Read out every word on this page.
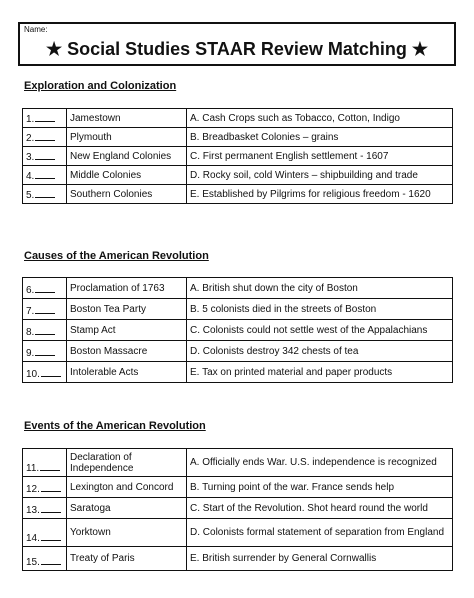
Name:
★ Social Studies STAAR Review Matching ★
Exploration and Colonization
1.	Jamestown	A. Cash Crops such as Tobacco, Cotton, Indigo
2.	Plymouth	B. Breadbasket Colonies – grains
3.	New England Colonies	C. First permanent English settlement - 1607
4.	Middle Colonies	D. Rocky soil, cold Winters – shipbuilding and trade
5.	Southern Colonies	E. Established by Pilgrims for religious freedom - 1620
Causes of the American Revolution
6.	Proclamation of 1763	A. British shut down the city of Boston
7.	Boston Tea Party	B. 5 colonists died in the streets of Boston
8.	Stamp Act	C. Colonists could not settle west of the Appalachians
9.	Boston Massacre	D. Colonists destroy 342 chests of tea
10.	Intolerable Acts	E. Tax on printed material and paper products
Events of the American Revolution
11.	Declaration of Independence	A. Officially ends War. U.S. independence is recognized
12.	Lexington and Concord	B. Turning point of the war. France sends help
13.	Saratoga	C. Start of the Revolution. Shot heard round the world
14.	Yorktown	D. Colonists formal statement of separation from England
15.	Treaty of Paris	E. British surrender by General Cornwallis
